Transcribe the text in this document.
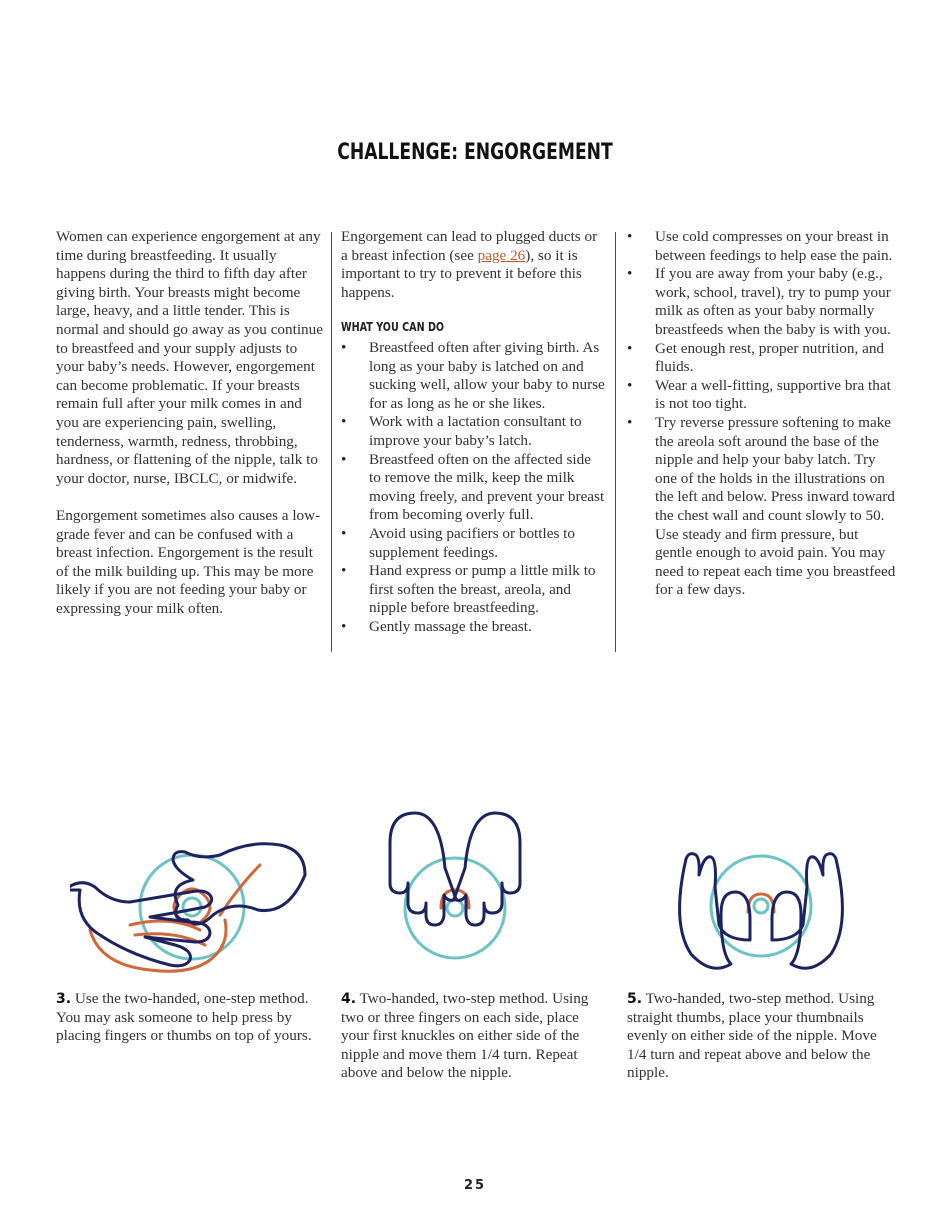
CHALLENGE: ENGORGEMENT

Women can experience engorgement at any time during breastfeeding. It usually happens during the third to fifth day after giving birth. Your breasts might become large, heavy, and a little tender. This is normal and should go away as you continue to breastfeed and your supply adjusts to your baby’s needs. However, engorgement can become problematic. If your breasts remain full after your milk comes in and you are experiencing pain, swelling, tenderness, warmth, redness, throbbing, hardness, or flattening of the nipple, talk to your doctor, nurse, IBCLC, or midwife.

Engorgement sometimes also causes a low-grade fever and can be confused with a breast infection. Engorgement is the result of the milk building up. This may be more likely if you are not feeding your baby or expressing your milk often.

Engorgement can lead to plugged ducts or a breast infection (see page 26), so it is important to try to prevent it before this happens.

WHAT YOU CAN DO
• Breastfeed often after giving birth. As long as your baby is latched on and sucking well, allow your baby to nurse for as long as he or she likes.
• Work with a lactation consultant to improve your baby’s latch.
• Breastfeed often on the affected side to remove the milk, keep the milk moving freely, and prevent your breast from becoming overly full.
• Avoid using pacifiers or bottles to supplement feedings.
• Hand express or pump a little milk to first soften the breast, areola, and nipple before breastfeeding.
• Gently massage the breast.
• Use cold compresses on your breast in between feedings to help ease the pain.
• If you are away from your baby (e.g., work, school, travel), try to pump your milk as often as your baby normally breastfeeds when the baby is with you.
• Get enough rest, proper nutrition, and fluids.
• Wear a well-fitting, supportive bra that is not too tight.
• Try reverse pressure softening to make the areola soft around the base of the nipple and help your baby latch. Try one of the holds in the illustrations on the left and below. Press inward toward the chest wall and count slowly to 50. Use steady and firm pressure, but gentle enough to avoid pain. You may need to repeat each time you breastfeed for a few days.
3. Use the two-handed, one-step method. You may ask someone to help press by placing fingers or thumbs on top of yours.
4. Two-handed, two-step method. Using two or three fingers on each side, place your first knuckles on either side of the nipple and move them 1/4 turn. Repeat above and below the nipple.
5. Two-handed, two-step method. Using straight thumbs, place your thumbnails evenly on either side of the nipple. Move 1/4 turn and repeat above and below the nipple.
25
